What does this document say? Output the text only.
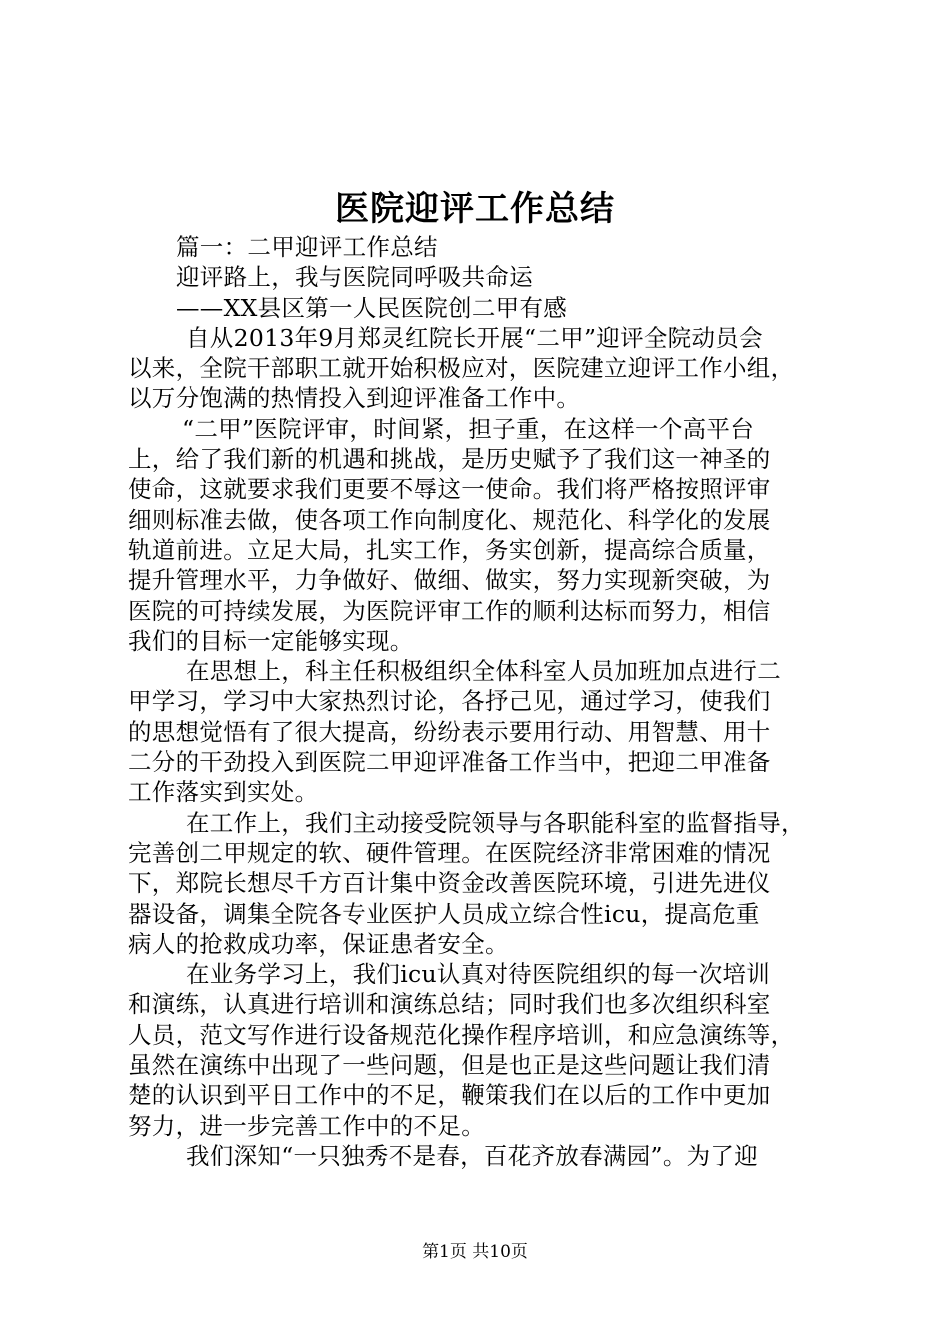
医院迎评工作总结
篇一：二甲迎评工作总结
迎评路上，我与医院同呼吸共命运
——XX县区第一人民医院创二甲有感
自从2013年9月郑灵红院长开展“二甲”迎评全院动员会
以来，全院干部职工就开始积极应对，医院建立迎评工作小组，
以万分饱满的热情投入到迎评准备工作中。
“二甲”医院评审，时间紧，担子重，在这样一个高平台
上，给了我们新的机遇和挑战，是历史赋予了我们这一神圣的
使命，这就要求我们更要不辱这一使命。我们将严格按照评审
细则标准去做，使各项工作向制度化、规范化、科学化的发展
轨道前进。立足大局，扎实工作，务实创新，提高综合质量，
提升管理水平，力争做好、做细、做实，努力实现新突破，为
医院的可持续发展，为医院评审工作的顺利达标而努力，相信
我们的目标一定能够实现。
在思想上，科主任积极组织全体科室人员加班加点进行二
甲学习，学习中大家热烈讨论，各抒己见，通过学习，使我们
的思想觉悟有了很大提高，纷纷表示要用行动、用智慧、用十
二分的干劲投入到医院二甲迎评准备工作当中，把迎二甲准备
工作落实到实处。
在工作上，我们主动接受院领导与各职能科室的监督指导，
完善创二甲规定的软、硬件管理。在医院经济非常困难的情况
下，郑院长想尽千方百计集中资金改善医院环境，引进先进仪
器设备，调集全院各专业医护人员成立综合性icu，提高危重
病人的抢救成功率，保证患者安全。
在业务学习上，我们icu认真对待医院组织的每一次培训
和演练，认真进行培训和演练总结；同时我们也多次组织科室
人员，范文写作进行设备规范化操作程序培训，和应急演练等，
虽然在演练中出现了一些问题，但是也正是这些问题让我们清
楚的认识到平日工作中的不足，鞭策我们在以后的工作中更加
努力，进一步完善工作中的不足。
我们深知“一只独秀不是春，百花齐放春满园”。为了迎
第1页 共10页
